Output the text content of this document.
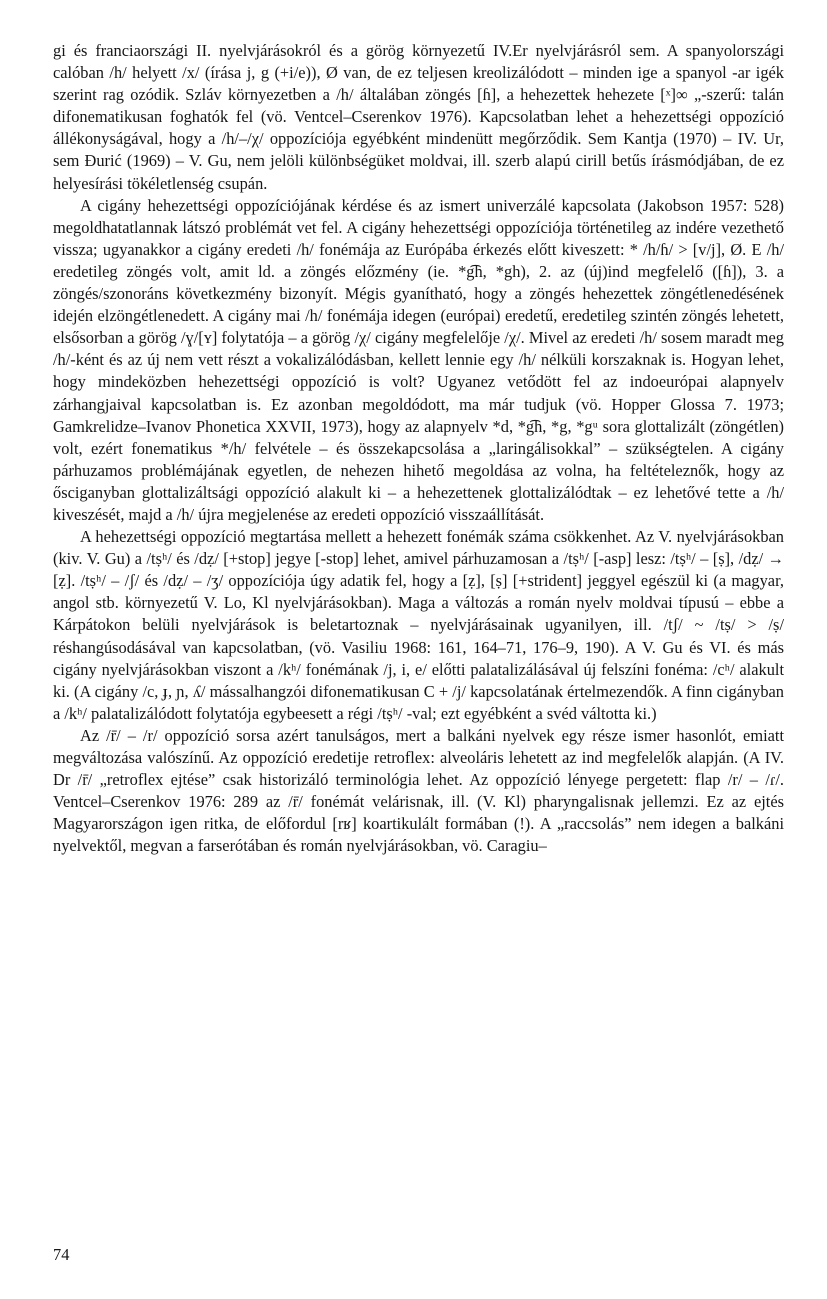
gi és franciaországi II. nyelvjárásokról és a görög környezetű IV.Er nyelvjárásról sem. A spanyolországi calóban /h/ helyett /x/ (írása j, g (+i/e)), Ø van, de ez teljesen kreolizálódott – minden ige a spanyol -ar igék szerint rag ozódik. Szláv környezetben a /h/ általában zöngés [ɦ], a hehezettek hehezete [ˣ]∞ „-szerű: talán difonematikusan foghatók fel (vö. Ventcel–Cserenkov 1976). Kapcsolatban lehet a hehezettségi oppozíció állékonyságával, hogy a /h/–/χ/ oppozíciója egyébként mindenütt megőrződik. Sem Kantja (1970) – IV. Ur, sem Đurić (1969) – V. Gu, nem jelöli különbségüket moldvai, ill. szerb alapú cirill betűs írásmódjában, de ez helyesírási tökéletlenség csupán.

A cigány hehezettségi oppozíciójának kérdése és az ismert univerzálé kapcsolata (Jakobson 1957: 528) megoldhatatlannak látszó problémát vet fel. A cigány hehezettségi oppozíciója történetileg az indére vezethető vissza; ugyanakkor a cigány eredeti /h/ fonémája az Európába érkezés előtt kiveszett: * /h/ɦ/ > [v/j], Ø. E /h/ eredetileg zöngés volt, amit ld. a zöngés előzmény (ie. *g͡h, *gh), 2. az (új)ind megfelelő ([ɦ]), 3. a zöngés/szonoráns következmény bizonyít. Mégis gyanítható, hogy a zöngés hehezettek zöngétlenedésének idején elzöngétlenedett. A cigány mai /h/ fonémája idegen (európai) eredetű, eredetileg szintén zöngés lehetett, elsősorban a görög /ɣ/[ʏ] folytatója – a görög /χ/ cigány megfelelője /χ/. Mivel az eredeti /h/ sosem maradt meg /h/-ként és az új nem vett részt a vokalizálódásban, kellett lennie egy /h/ nélküli korszaknak is. Hogyan lehet, hogy mindeközben hehezettségi oppozíció is volt? Ugyanez vetődött fel az indoeurópai alapnyelv zárhangjaival kapcsolatban is. Ez azonban megoldódott, ma már tudjuk (vö. Hopper Glossa 7. 1973; Gamkrelidze–Ivanov Phonetica XXVII, 1973), hogy az alapnyelv *d, *g͡h, *g, *gᵘ sora glottalizált (zöngétlen) volt, ezért fonematikus */h/ felvétele – és összekapcsolása a „laringálisokkal” – szükségtelen. A cigány párhuzamos problémájának egyetlen, de nehezen hihető megoldása az volna, ha feltételeznők, hogy az ősciganyban glottalizáltsági oppozíció alakult ki – a hehezettenek glottalizálódtak – ez lehetővé tette a /h/ kiveszését, majd a /h/ újra megjelenése az eredeti oppozíció visszaállítását.

A hehezettségi oppozíció megtartása mellett a hehezett fonémák száma csökkenhet. Az V. nyelvjárásokban (kiv. V. Gu) a /tṣʰ/ és /dẓ/ [+stop] jegye [-stop] lehet, amivel párhuzamosan a /tṣʰ/ [-asp] lesz: /tṣʰ/ – [ṣ], /dẓ/ → [ẓ]. /tṣʰ/ – /ʃ/ és /dẓ/ – /ʒ/ oppozíciója úgy adatik fel, hogy a [ẓ], [ṣ] [+strident] jeggyel egészül ki (a magyar, angol stb. környezetű V. Lo, Kl nyelvjárásokban). Maga a változás a román nyelv moldvai típusú – ebbe a Kárpátokon belüli nyelvjárások is beletartoznak – nyelvjárásainak ugyanilyen, ill. /tʃ/ ~ /tṣ/ > /ṣ/ réshangúsodásával van kapcsolatban, (vö. Vasiliu 1968: 161, 164–71, 176–9, 190). A V. Gu és VI. és más cigány nyelvjárásokban viszont a /kʰ/ fonémának /j, i, e/ előtti palatalizálásával új felszíni fonéma: /cʰ/ alakult ki. (A cigány /c, ɟ, ɲ, ʎ/ mássalhangzói difonematikusan C + /j/ kapcsolatának értelmezendők. A finn cigányban a /kʰ/ palatalizálódott folytatója egybeesett a régi /tṣʰ/ -val; ezt egyébként a svéd váltotta ki.)

Az /r̄/ – /r/ oppozíció sorsa azért tanulságos, mert a balkáni nyelvek egy része ismer hasonlót, emiatt megváltozása valószínű. Az oppozíció eredetije retroflex: alveoláris lehetett az ind megfelelők alapján. (A IV. Dr /r̄/ „retroflex ejtése” csak historizáló terminológia lehet. Az oppozíció lényege pergetett: flap /r/ – /ɾ/. Ventcel–Cserenkov 1976: 289 az /r̄/ fonémát velárisnak, ill. (V. Kl) pharyngalisnak jellemzi. Ez az ejtés Magyarországon igen ritka, de előfordul [rʁ] koartikulált formában (!). A „raccsolás” nem idegen a balkáni nyelvektől, megvan a farserótában és román nyelvjárásokban, vö. Caragiu–

74
